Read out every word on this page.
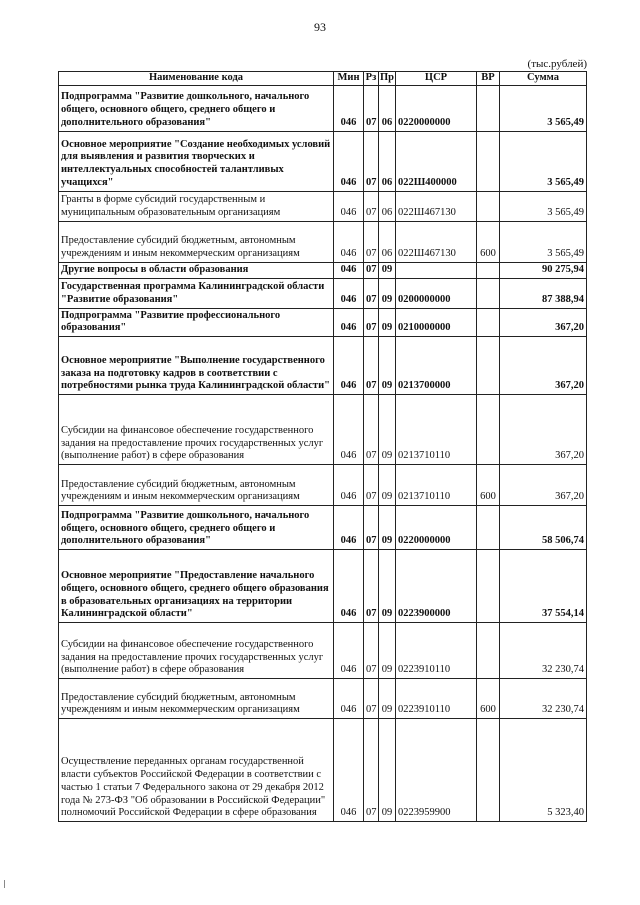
93
(тыс.рублей)
Наименование кода	Мин	Рз	Пр	ЦСР	ВР	Сумма
Подпрограмма "Развитие дошкольного, начального общего, основного общего, среднего общего и дополнительного образования"	046	07	06	0220000000		3 565,49
Основное мероприятие "Создание необходимых условий для выявления и развития творческих и интеллектуальных способностей талантливых учащихся"	046	07	06	022Ш400000		3 565,49
Гранты в форме субсидий государственным и муниципальным образовательным организациям	046	07	06	022Ш467130		3 565,49
Предоставление субсидий бюджетным, автономным учреждениям и иным некоммерческим организациям	046	07	06	022Ш467130	600	3 565,49
Другие вопросы в области образования	046	07	09			90 275,94
Государственная программа Калининградской области "Развитие образования"	046	07	09	0200000000		87 388,94
Подпрограмма "Развитие профессионального образования"	046	07	09	0210000000		367,20
Основное мероприятие "Выполнение государственного заказа на подготовку кадров в соответствии с потребностями рынка труда Калининградской области"	046	07	09	0213700000		367,20
Субсидии на финансовое обеспечение государственного задания на предоставление прочих государственных услуг (выполнение работ) в сфере образования	046	07	09	0213710110		367,20
Предоставление субсидий бюджетным, автономным учреждениям и иным некоммерческим организациям	046	07	09	0213710110	600	367,20
Подпрограмма "Развитие дошкольного, начального общего, основного общего, среднего общего и дополнительного образования"	046	07	09	0220000000		58 506,74
Основное мероприятие "Предоставление начального общего, основного общего, среднего общего образования в образовательных организациях на территории Калининградской области"	046	07	09	0223900000		37 554,14
Субсидии на финансовое обеспечение государственного задания на предоставление прочих государственных услуг (выполнение работ) в сфере образования	046	07	09	0223910110		32 230,74
Предоставление субсидий бюджетным, автономным учреждениям и иным некоммерческим организациям	046	07	09	0223910110	600	32 230,74
Осуществление переданных органам государственной власти субъектов Российской Федерации в соответствии с частью 1 статьи 7 Федерального закона от 29 декабря 2012 года № 273-ФЗ "Об образовании в Российской Федерации" полномочий Российской Федерации в сфере образования	046	07	09	0223959900		5 323,40
